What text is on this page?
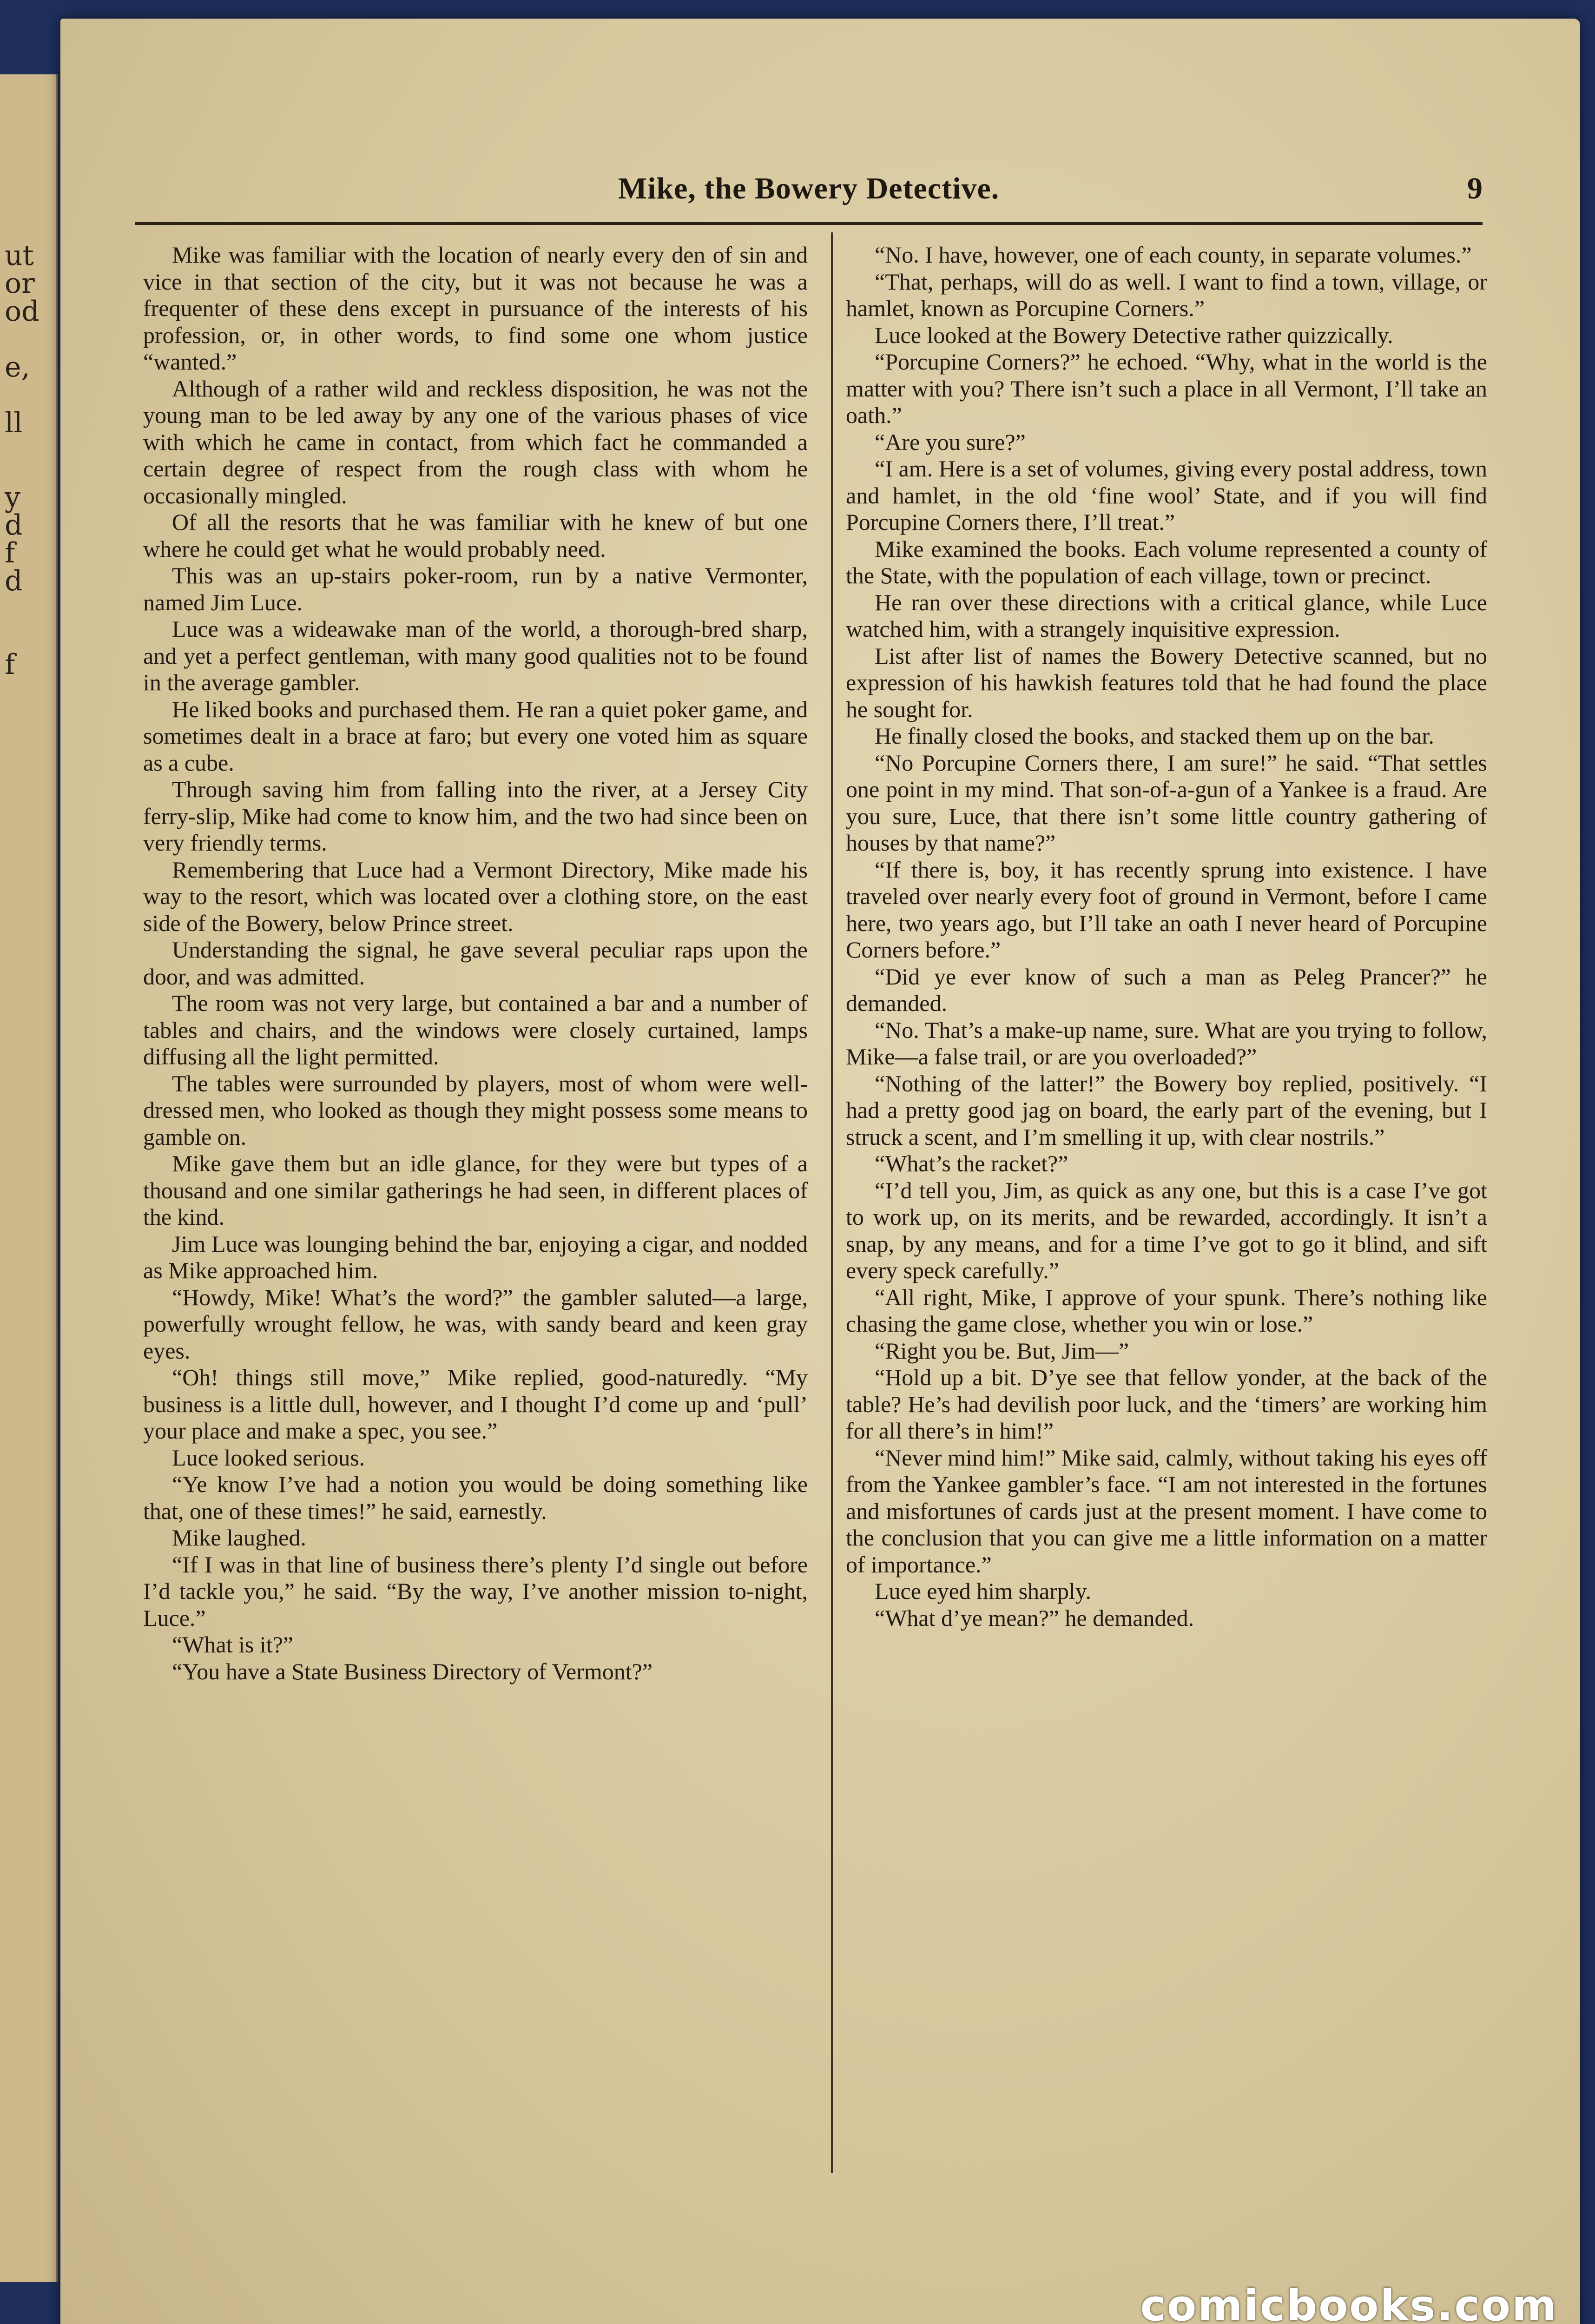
ut
or
od
e,
ll
y
d
f
d
f
Mike, the Bowery Detective.	9

Mike was familiar with the location of nearly every den of sin and vice in that section of the city, but it was not because he was a frequenter of these dens except in pursuance of the interests of his profession, or, in other words, to find some one whom justice “wanted.”

Although of a rather wild and reckless disposition, he was not the young man to be led away by any one of the various phases of vice with which he came in contact, from which fact he commanded a certain degree of respect from the rough class with whom he occasionally mingled.

Of all the resorts that he was familiar with he knew of but one where he could get what he would probably need.

This was an up-stairs poker-room, run by a native Vermonter, named Jim Luce.

Luce was a wideawake man of the world, a thorough-bred sharp, and yet a perfect gentleman, with many good qualities not to be found in the average gambler.

He liked books and purchased them. He ran a quiet poker game, and sometimes dealt in a brace at faro; but every one voted him as square as a cube.

Through saving him from falling into the river, at a Jersey City ferry-slip, Mike had come to know him, and the two had since been on very friendly terms.

Remembering that Luce had a Vermont Directory, Mike made his way to the resort, which was located over a clothing store, on the east side of the Bowery, below Prince street.

Understanding the signal, he gave several peculiar raps upon the door, and was admitted.

The room was not very large, but contained a bar and a number of tables and chairs, and the windows were closely curtained, lamps diffusing all the light permitted.

The tables were surrounded by players, most of whom were well-dressed men, who looked as though they might possess some means to gamble on.

Mike gave them but an idle glance, for they were but types of a thousand and one similar gatherings he had seen, in different places of the kind.

Jim Luce was lounging behind the bar, enjoying a cigar, and nodded as Mike approached him.

“Howdy, Mike! What’s the word?” the gambler saluted—a large, powerfully wrought fellow, he was, with sandy beard and keen gray eyes.

“Oh! things still move,” Mike replied, good-naturedly. “My business is a little dull, however, and I thought I’d come up and ‘pull’ your place and make a spec, you see.”

Luce looked serious.

“Ye know I’ve had a notion you would be doing something like that, one of these times!” he said, earnestly.

Mike laughed.

“If I was in that line of business there’s plenty I’d single out before I’d tackle you,” he said. “By the way, I’ve another mission to-night, Luce.”

“What is it?”

“You have a State Business Directory of Vermont?”

“No. I have, however, one of each county, in separate volumes.”

“That, perhaps, will do as well. I want to find a town, village, or hamlet, known as Porcupine Corners.”

Luce looked at the Bowery Detective rather quizzically.

“Porcupine Corners?” he echoed. “Why, what in the world is the matter with you? There isn’t such a place in all Vermont, I’ll take an oath.”

“Are you sure?”

“I am. Here is a set of volumes, giving every postal address, town and hamlet, in the old ‘fine wool’ State, and if you will find Porcupine Corners there, I’ll treat.”

Mike examined the books. Each volume represented a county of the State, with the population of each village, town or precinct.

He ran over these directions with a critical glance, while Luce watched him, with a strangely inquisitive expression.

List after list of names the Bowery Detective scanned, but no expression of his hawkish features told that he had found the place he sought for.

He finally closed the books, and stacked them up on the bar.

“No Porcupine Corners there, I am sure!” he said. “That settles one point in my mind. That son-of-a-gun of a Yankee is a fraud. Are you sure, Luce, that there isn’t some little country gathering of houses by that name?”

“If there is, boy, it has recently sprung into existence. I have traveled over nearly every foot of ground in Vermont, before I came here, two years ago, but I’ll take an oath I never heard of Porcupine Corners before.”

“Did ye ever know of such a man as Peleg Prancer?” he demanded.

“No. That’s a make-up name, sure. What are you trying to follow, Mike—a false trail, or are you overloaded?”

“Nothing of the latter!” the Bowery boy replied, positively. “I had a pretty good jag on board, the early part of the evening, but I struck a scent, and I’m smelling it up, with clear nostrils.”

“What’s the racket?”

“I’d tell you, Jim, as quick as any one, but this is a case I’ve got to work up, on its merits, and be rewarded, accordingly. It isn’t a snap, by any means, and for a time I’ve got to go it blind, and sift every speck carefully.”

“All right, Mike, I approve of your spunk. There’s nothing like chasing the game close, whether you win or lose.”

“Right you be. But, Jim—”

“Hold up a bit. D’ye see that fellow yonder, at the back of the table? He’s had devilish poor luck, and the ‘timers’ are working him for all there’s in him!”

“Never mind him!” Mike said, calmly, without taking his eyes off from the Yankee gambler’s face. “I am not interested in the fortunes and misfortunes of cards just at the present moment. I have come to the conclusion that you can give me a little information on a matter of importance.”

Luce eyed him sharply.

“What d’ye mean?” he demanded.

comicbooks.com
